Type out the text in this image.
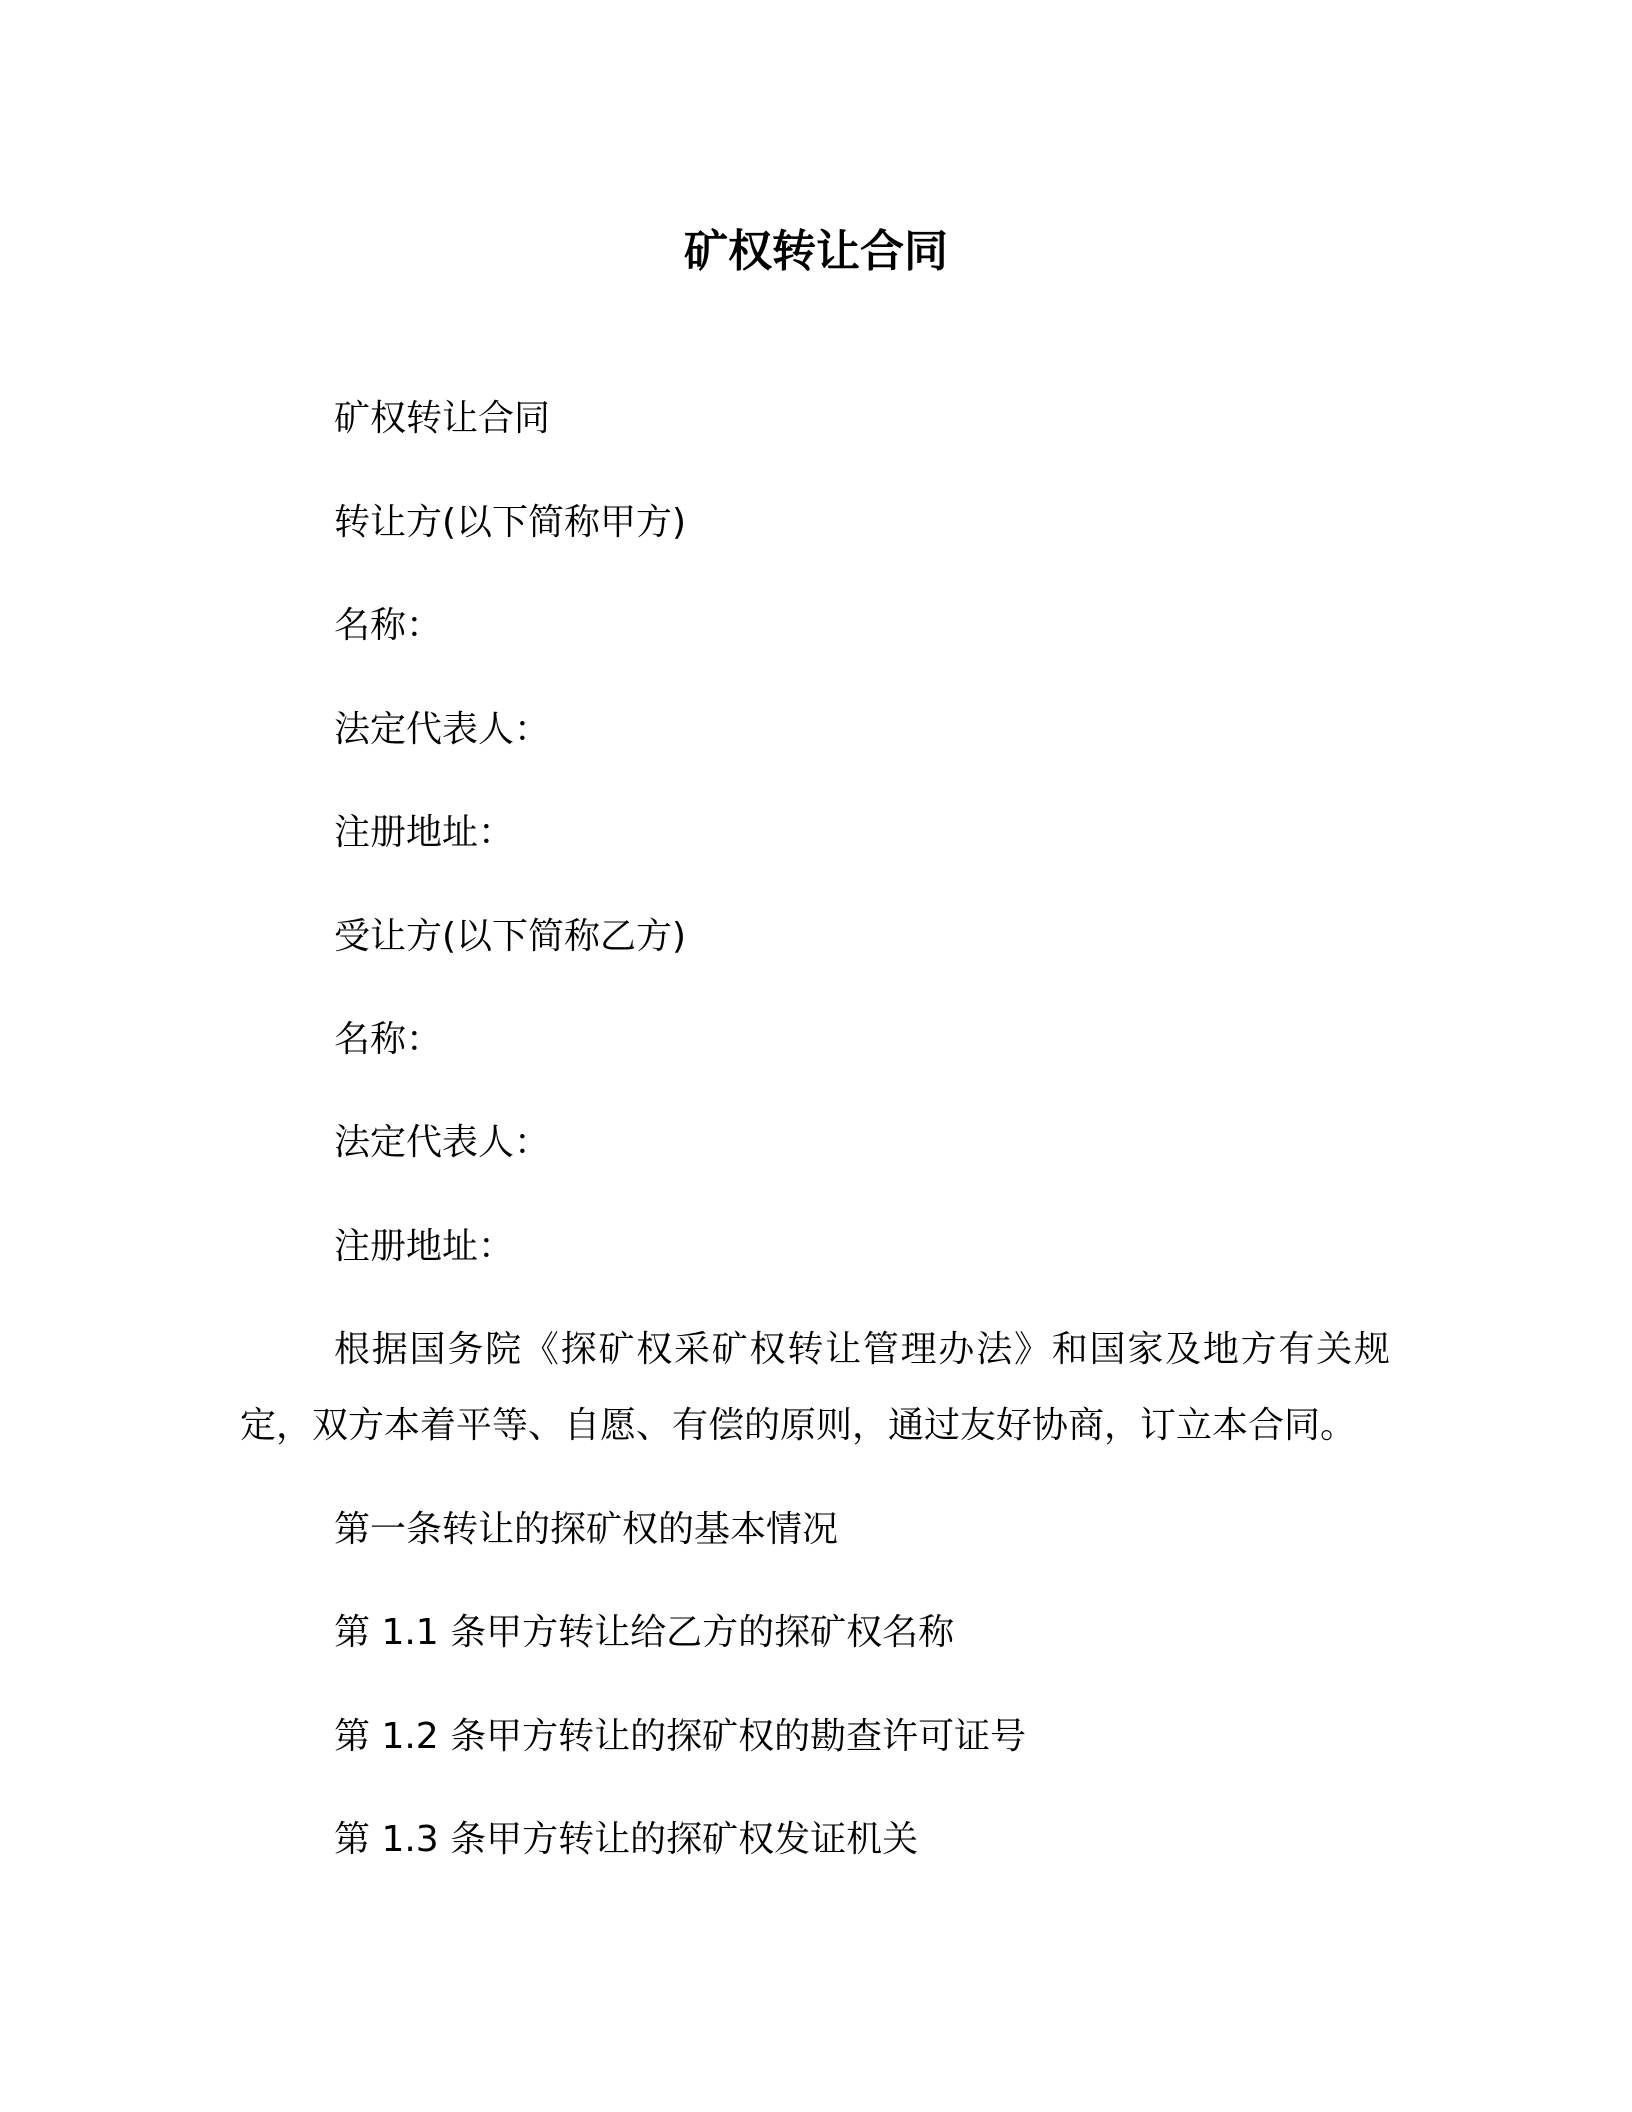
矿权转让合同
矿权转让合同
转让方(以下简称甲方)
名称：
法定代表人：
注册地址：
受让方(以下简称乙方)
名称：
法定代表人：
注册地址：
根据国务院《探矿权采矿权转让管理办法》和国家及地方有关规定，双方本着平等、自愿、有偿的原则，通过友好协商，订立本合同。
第一条转让的探矿权的基本情况
第 1.1 条甲方转让给乙方的探矿权名称
第 1.2 条甲方转让的探矿权的勘查许可证号
第 1.3 条甲方转让的探矿权发证机关
